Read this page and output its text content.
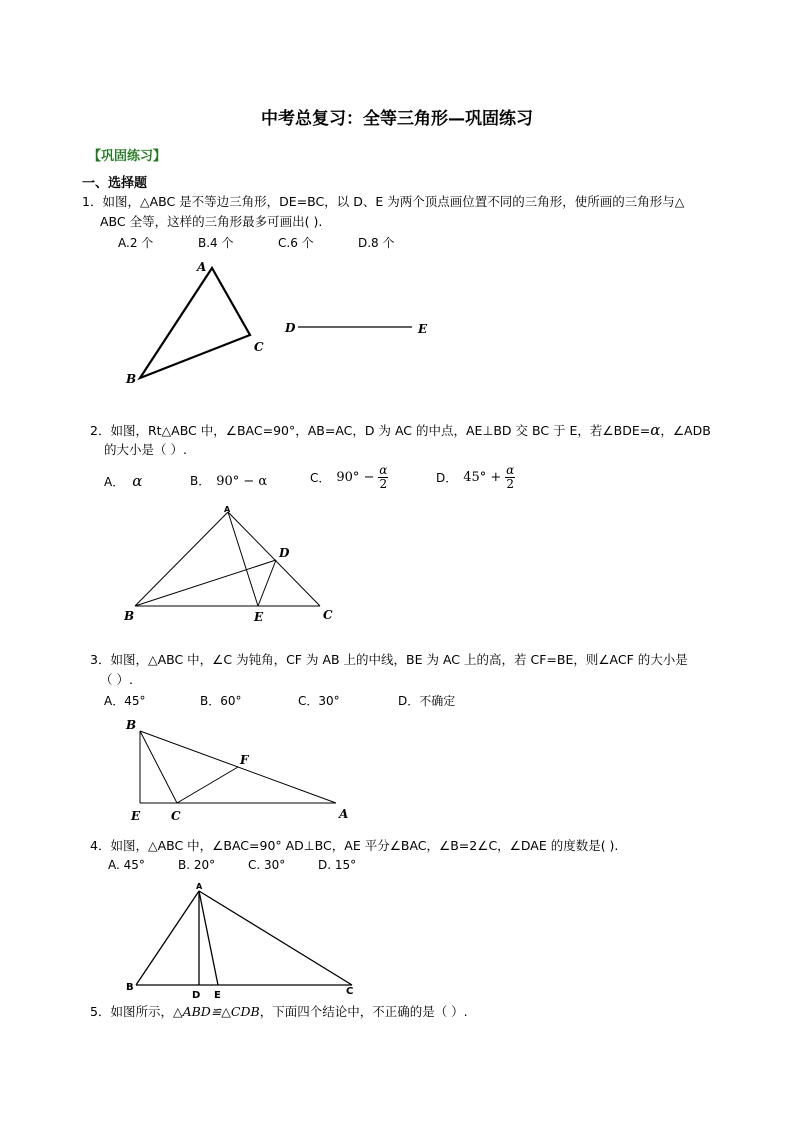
中考总复习：全等三角形—巩固练习
【巩固练习】
一、选择题
1．如图，△ABC 是不等边三角形，DE=BC，以 D、E 为两个顶点画位置不同的三角形，使所画的三角形与△
ABC 全等，这样的三角形最多可画出( ).
A.2 个	B.4 个	C.6 个	D.8 个
A
B
C
D	E
2．如图，Rt△ABC 中，∠BAC=90°，AB=AC，D 为 AC 的中点，AE⊥BD 交 BC 于 E，若∠BDE=α，∠ADB
的大小是（ ）.
A． α	B． 90° − α	C． $90^\circ - \frac{\alpha}{2}$	D． $45^\circ + \frac{\alpha}{2}$
A
B	C
D
E
3．如图，△ABC 中，∠C 为钝角，CF 为 AB 上的中线，BE 为 AC 上的高，若 CF=BE，则∠ACF 的大小是
（ ）.
A．45°	B．60°	C．30°	D．不确定
B
E	C	A
F
4．如图，△ABC 中，∠BAC=90° AD⊥BC，AE 平分∠BAC，∠B=2∠C，∠DAE 的度数是( ).
A. 45°	B. 20°	C. 30°	D. 15°
A
B	C
D E
5．如图所示，△ABD≌△CDB，下面四个结论中，不正确的是（ ）.
